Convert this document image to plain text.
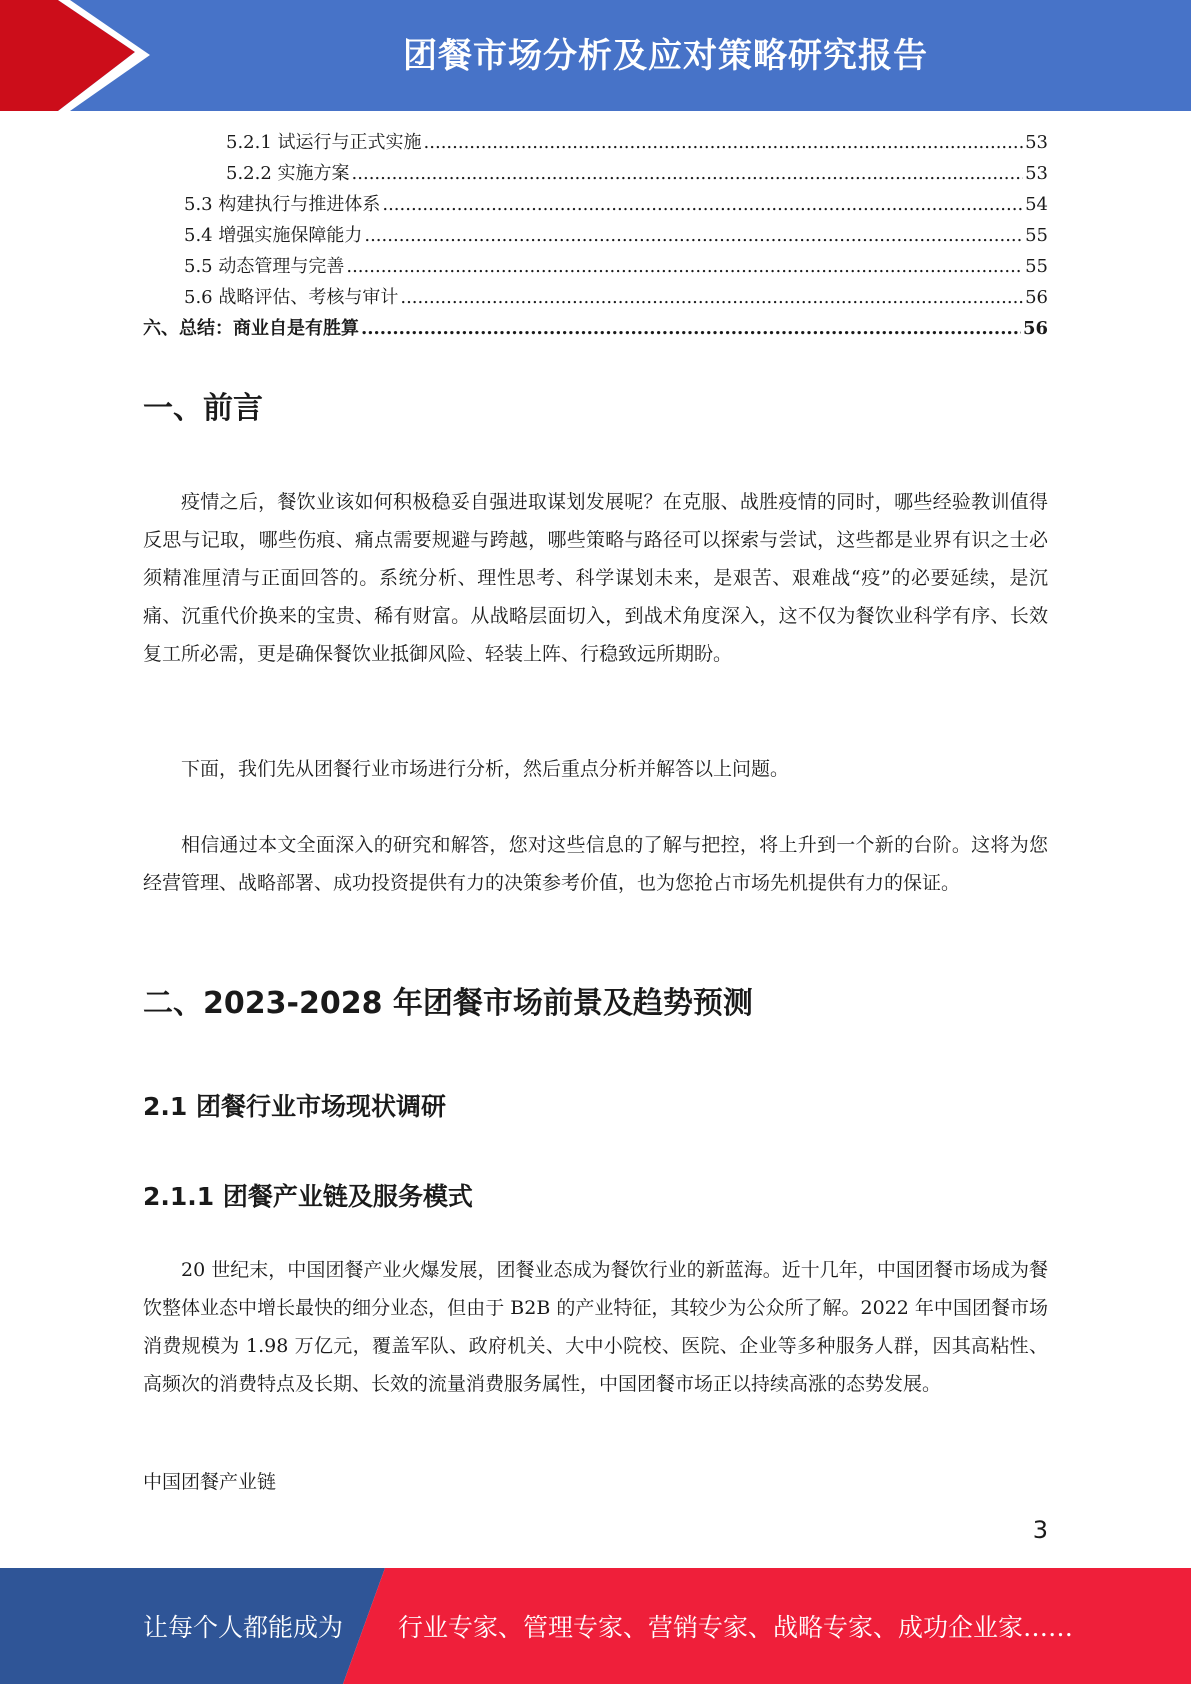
团餐市场分析及应对策略研究报告
5.2.1 试运行与正式实施 .....	53
5.2.2 实施方案 .....	53
5.3 构建执行与推进体系 .....	54
5.4 增强实施保障能力 .....	55
5.5 动态管理与完善 .....	55
5.6 战略评估、考核与审计 .....	56
六、总结：商业自是有胜算 .....	56
一、前言

疫情之后，餐饮业该如何积极稳妥自强进取谋划发展呢？在克服、战胜疫情的同时，哪些经验教训值得反思与记取，哪些伤痕、痛点需要规避与跨越，哪些策略与路径可以探索与尝试，这些都是业界有识之士必须精准厘清与正面回答的。系统分析、理性思考、科学谋划未来，是艰苦、艰难战“疫”的必要延续，是沉痛、沉重代价换来的宝贵、稀有财富。从战略层面切入，到战术角度深入，这不仅为餐饮业科学有序、长效复工所必需，更是确保餐饮业抵御风险、轻装上阵、行稳致远所期盼。

下面，我们先从团餐行业市场进行分析，然后重点分析并解答以上问题。

相信通过本文全面深入的研究和解答，您对这些信息的了解与把控，将上升到一个新的台阶。这将为您经营管理、战略部署、成功投资提供有力的决策参考价值，也为您抢占市场先机提供有力的保证。

二、2023-2028 年团餐市场前景及趋势预测
2.1 团餐行业市场现状调研
2.1.1 团餐产业链及服务模式

20 世纪末，中国团餐产业火爆发展，团餐业态成为餐饮行业的新蓝海。近十几年，中国团餐市场成为餐饮整体业态中增长最快的细分业态，但由于 B2B 的产业特征，其较少为公众所了解。2022 年中国团餐市场消费规模为 1.98 万亿元，覆盖军队、政府机关、大中小院校、医院、企业等多种服务人群，因其高粘性、高频次的消费特点及长期、长效的流量消费服务属性，中国团餐市场正以持续高涨的态势发展。

中国团餐产业链

3
让每个人都能成为 行业专家、管理专家、营销专家、战略专家、成功企业家……
